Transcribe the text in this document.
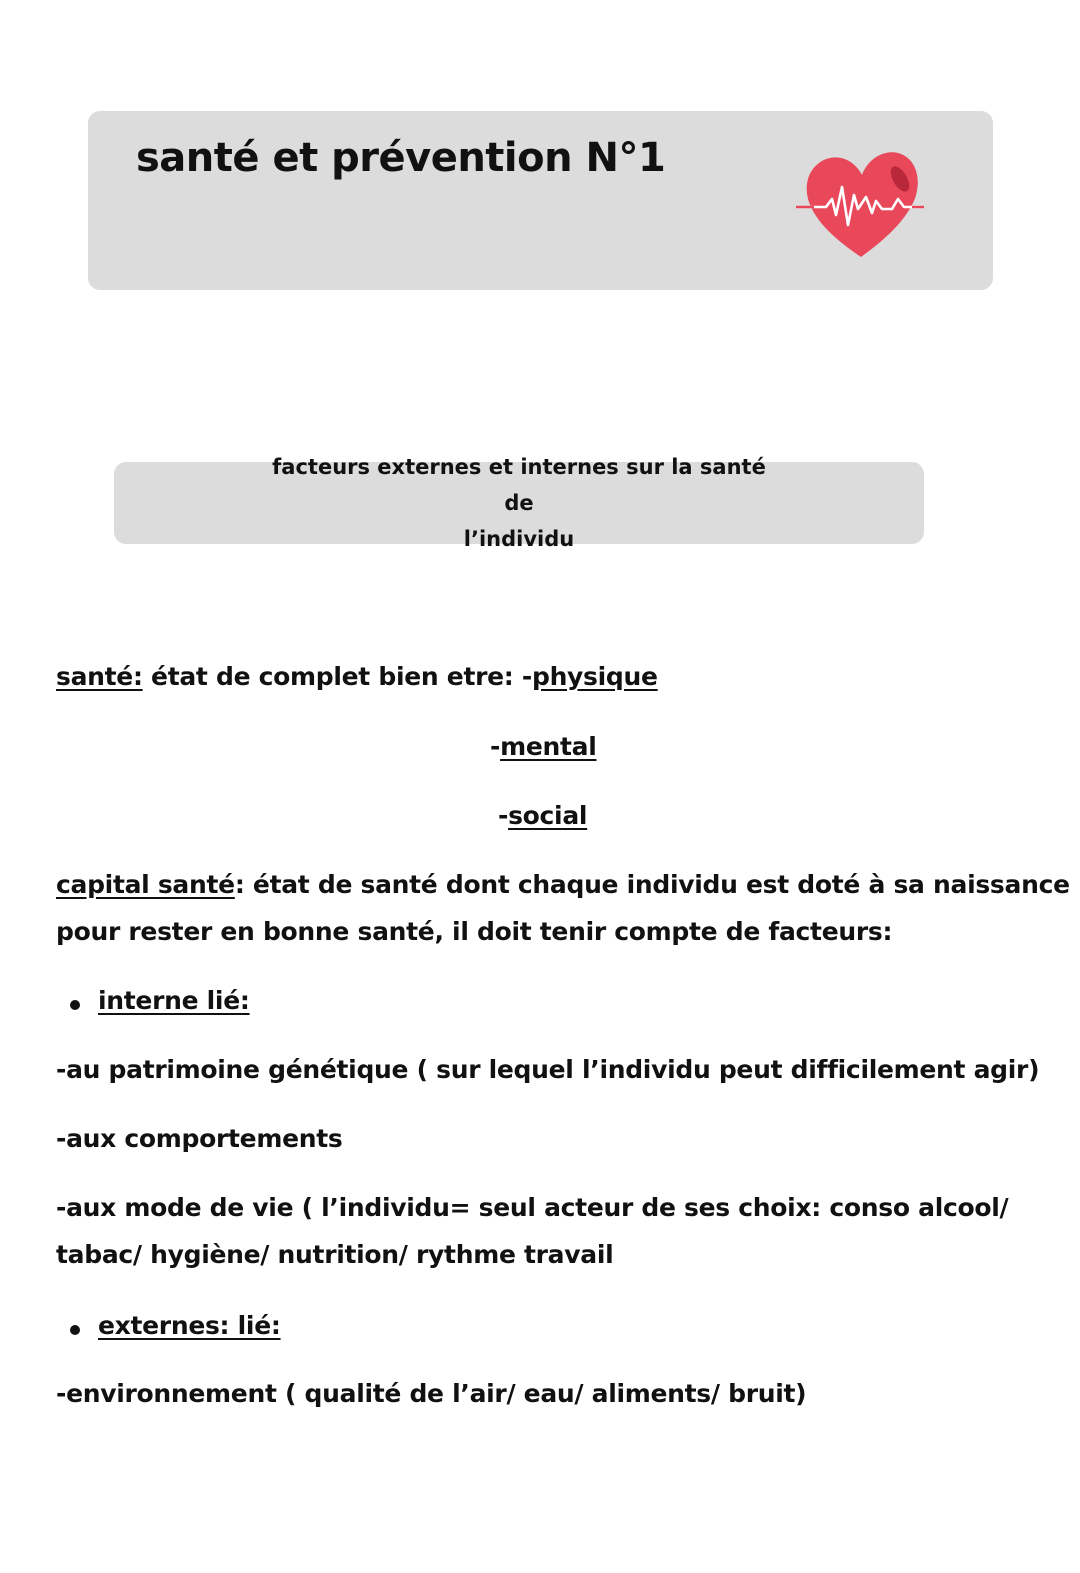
santé et prévention N°1
facteurs externes et internes sur la santé de
l’individu
santé: état de complet bien etre: -physique
-mental
-social
capital santé: état de santé dont chaque individu est doté à sa naissance
pour rester en bonne santé, il doit tenir compte de facteurs:
interne lié:
-au patrimoine génétique ( sur lequel l’individu peut difficilement agir)
-aux comportements
-aux mode de vie ( l’individu= seul acteur de ses choix: conso alcool/
tabac/ hygiène/ nutrition/ rythme travail
externes: lié:
-environnement ( qualité de l’air/ eau/ aliments/ bruit)
